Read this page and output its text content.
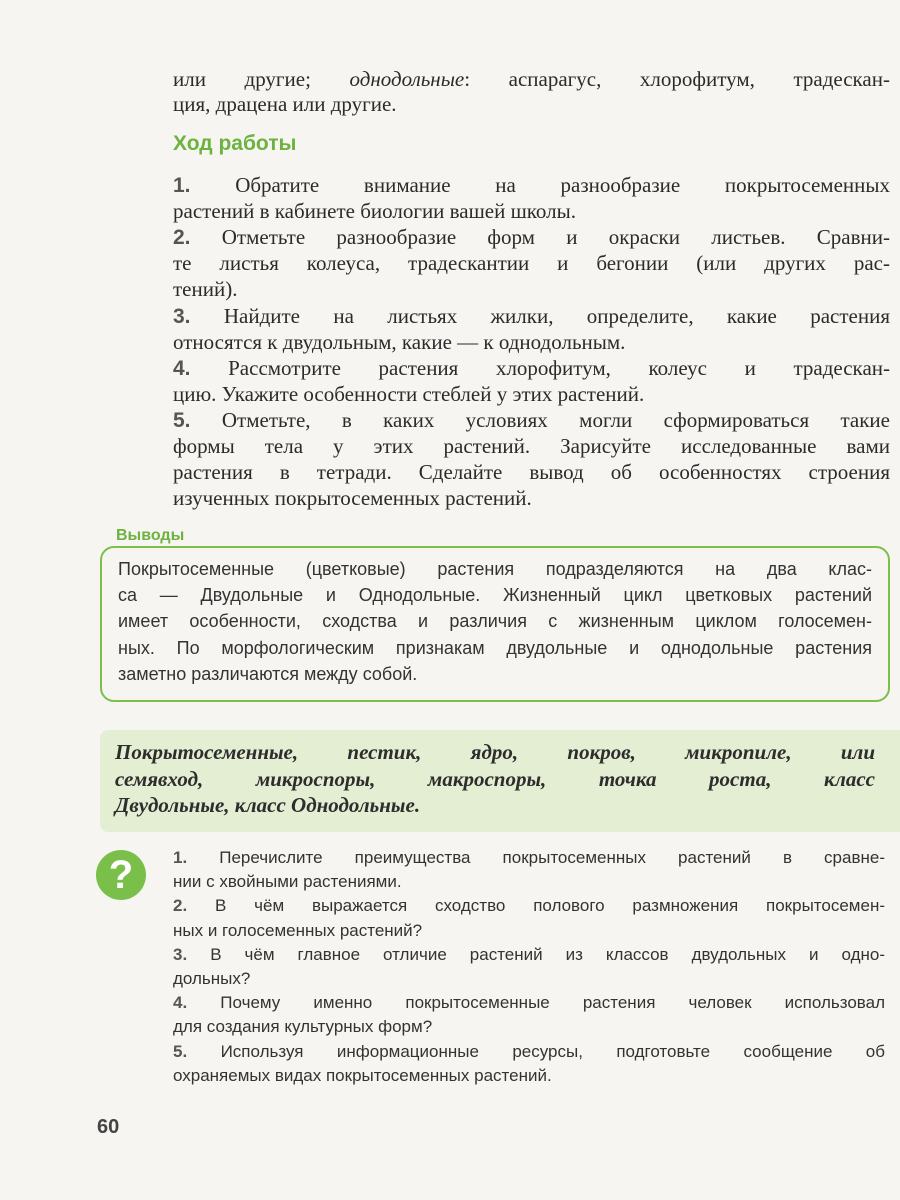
или другие; однодольные: аспарагус, хлорофитум, традескан-
ция, драцена или другие.
Ход работы
1. Обратите внимание на разнообразие покрытосеменных
растений в кабинете биологии вашей школы.
2. Отметьте разнообразие форм и окраски листьев. Сравни-
те листья колеуса, традескантии и бегонии (или других рас-
тений).
3. Найдите на листьях жилки, определите, какие растения
относятся к двудольным, какие — к однодольным.
4. Рассмотрите растения хлорофитум, колеус и традескан-
цию. Укажите особенности стеблей у этих растений.
5. Отметьте, в каких условиях могли сформироваться такие
формы тела у этих растений. Зарисуйте исследованные вами
растения в тетради. Сделайте вывод об особенностях строения
изученных покрытосеменных растений.
Выводы
Покрытосеменные (цветковые) растения подразделяются на два клас-
са — Двудольные и Однодольные. Жизненный цикл цветковых растений
имеет особенности, сходства и различия с жизненным циклом голосемен-
ных. По морфологическим признакам двудольные и однодольные растения
заметно различаются между собой.
Покрытосеменные, пестик, ядро, покров, микропиле, или
семявход, микроспоры, макроспоры, точка роста, класс
Двудольные, класс Однодольные.
?	1. Перечислите преимущества покрытосеменных растений в сравне-
нии с хвойными растениями.
2. В чём выражается сходство полового размножения покрытосемен-
ных и голосеменных растений?
3. В чём главное отличие растений из классов двудольных и одно-
дольных?
4. Почему именно покрытосеменные растения человек использовал
для создания культурных форм?
5. Используя информационные ресурсы, подготовьте сообщение об
охраняемых видах покрытосеменных растений.
60
